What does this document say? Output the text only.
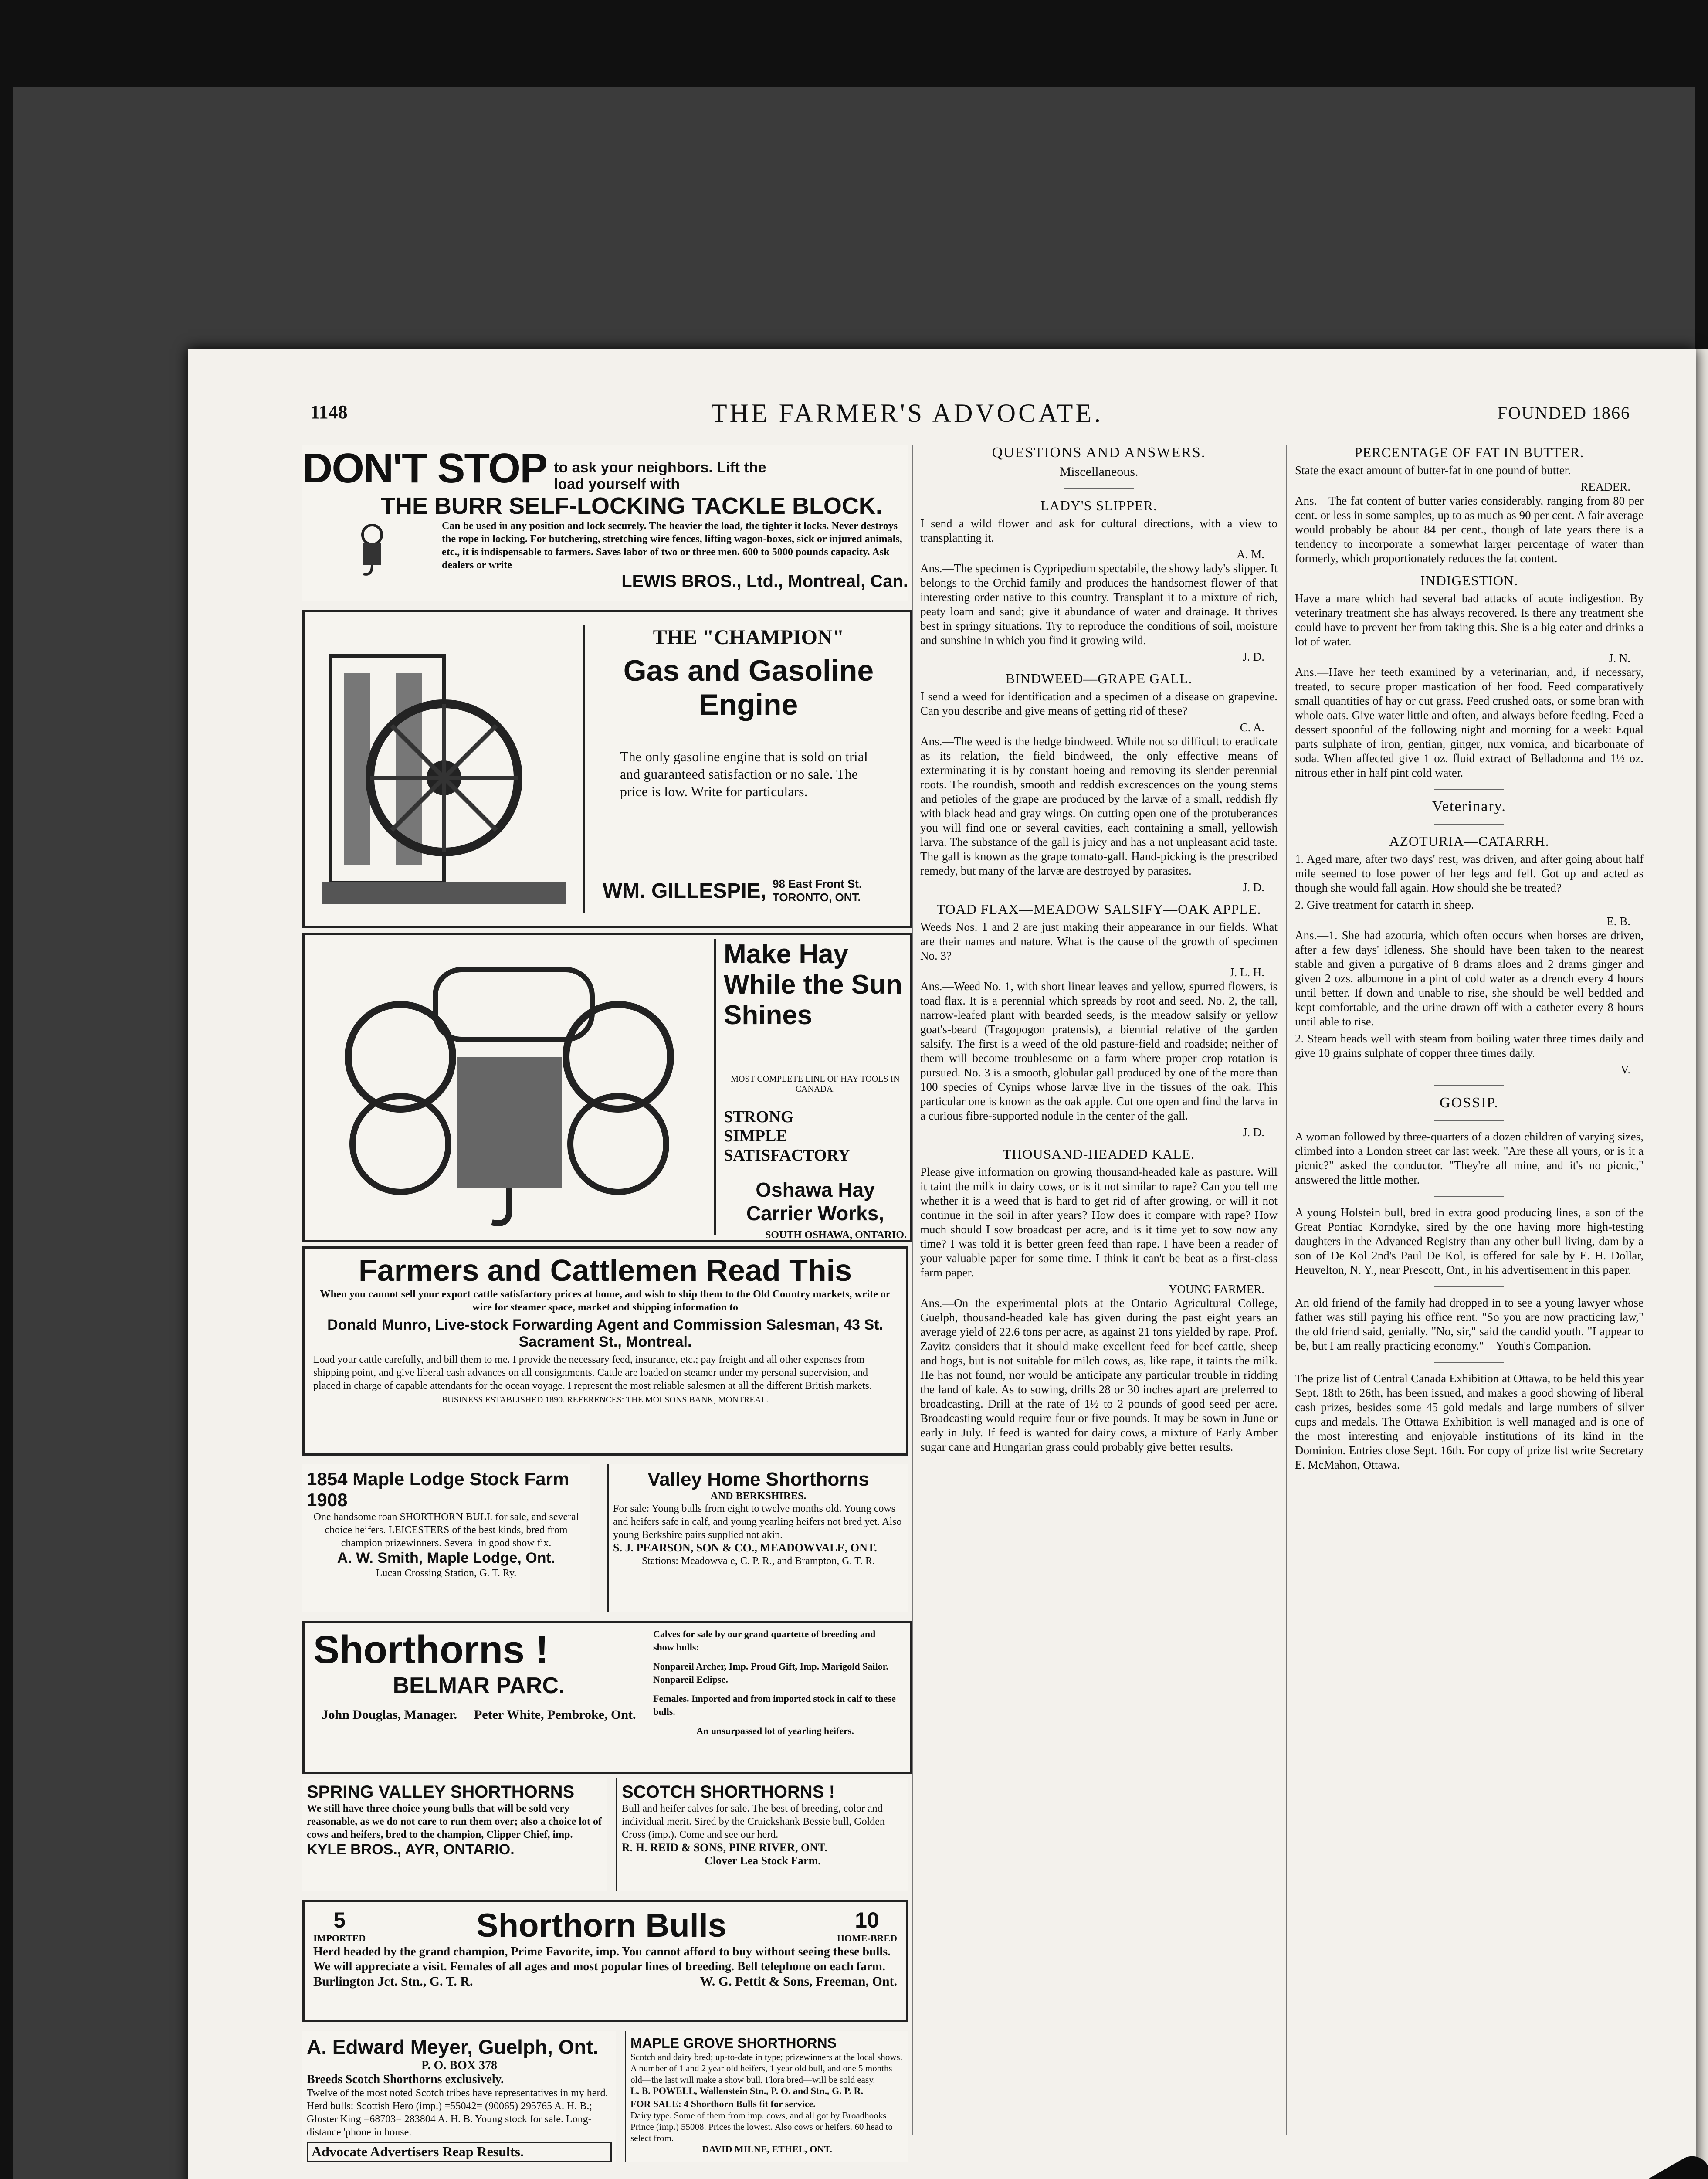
1148	THE FARMER'S ADVOCATE.	FOUNDED 1866
DON'T STOP to ask your neighbors. Lift the load yourself with
THE BURR SELF-LOCKING TACKLE BLOCK.
Can be used in any position and lock securely. The heavier the load, the tighter it locks. Never destroys the rope in locking. For butchering, stretching wire fences, lifting wagon-boxes, sick or injured animals, etc., it is indispensable to farmers. Saves labor of two or three men. 600 to 5000 pounds capacity. Ask dealers or write
LEWIS BROS., Ltd., Montreal, Can.
THE "CHAMPION"
Gas and Gasoline Engine
The only gasoline engine that is sold on trial and guaranteed satisfaction or no sale. The price is low. Write for particulars.
WM. GILLESPIE, 98 East Front St. TORONTO, ONT.
Make Hay While the Sun Shines
MOST COMPLETE LINE OF HAY TOOLS IN CANADA.
STRONG
SIMPLE
SATISFACTORY
Oshawa Hay Carrier Works,
SOUTH OSHAWA, ONTARIO.
Farmers and Cattlemen Read This
When you cannot sell your export cattle satisfactory prices at home, and wish to ship them to the Old Country markets, write or wire for steamer space, market and shipping information to
Donald Munro, Live-stock Forwarding Agent and Commission Salesman, 43 St. Sacrament St., Montreal.
Load your cattle carefully, and bill them to me. I provide the necessary feed, insurance, etc.; pay freight and all other expenses from shipping point, and give liberal cash advances on all consignments. Cattle are loaded on steamer under my personal supervision, and placed in charge of capable attendants for the ocean voyage. I represent the most reliable salesmen at all the different British markets.
BUSINESS ESTABLISHED 1890. REFERENCES: THE MOLSONS BANK, MONTREAL.
1854 Maple Lodge Stock Farm 1908
One handsome roan SHORTHORN BULL for sale, and several choice heifers. LEICESTERS of the best kinds, bred from champion prizewinners. Several in good show fix.
A. W. Smith, Maple Lodge, Ont.
Lucan Crossing Station, G. T. Ry.
Valley Home Shorthorns
AND BERKSHIRES.
For sale: Young bulls from eight to twelve months old. Young cows and heifers safe in calf, and young yearling heifers not bred yet. Also young Berkshire pairs supplied not akin.
S. J. PEARSON, SON & CO., MEADOWVALE, ONT.
Stations: Meadowvale, C. P. R., and Brampton, G. T. R.
Shorthorns !
BELMAR PARC.
John Douglas, Manager. Peter White, Pembroke, Ont.
Calves for sale by our grand quartette of breeding and show bulls:
Nonpareil Archer, Imp. Proud Gift, Imp. Marigold Sailor. Nonpareil Eclipse.
Females. Imported and from imported stock in calf to these bulls.
An unsurpassed lot of yearling heifers.
SPRING VALLEY SHORTHORNS
We still have three choice young bulls that will be sold very reasonable, as we do not care to run them over; also a choice lot of cows and heifers, bred to the champion, Clipper Chief, imp.
KYLE BROS., AYR, ONTARIO.
SCOTCH SHORTHORNS !
Bull and heifer calves for sale. The best of breeding, color and individual merit. Sired by the Cruickshank Bessie bull, Golden Cross (imp.). Come and see our herd.
R. H. REID & SONS, PINE RIVER, ONT.
Clover Lea Stock Farm.
5
IMPORTED	Shorthorn Bulls	10
HOME-BRED
Herd headed by the grand champion, Prime Favorite, imp. You cannot afford to buy without seeing these bulls. We will appreciate a visit. Females of all ages and most popular lines of breeding. Bell telephone on each farm.
Burlington Jct. Stn., G. T. R.	W. G. Pettit & Sons, Freeman, Ont.
A. Edward Meyer, Guelph, Ont.
P. O. BOX 378
Breeds Scotch Shorthorns exclusively.
Twelve of the most noted Scotch tribes have representatives in my herd. Herd bulls: Scottish Hero (imp.) =55042= (90065) 295765 A. H. B.; Gloster King =68703= 283804 A. H. B. Young stock for sale. Long-distance 'phone in house.
Advocate Advertisers Reap Results.
MAPLE GROVE SHORTHORNS
Scotch and dairy bred; up-to-date in type; prizewinners at the local shows. A number of 1 and 2 year old heifers, 1 year old bull, and one 5 months old—the last will make a show bull, Flora bred—will be sold easy.
L. B. POWELL, Wallenstein Stn., P. O. and Stn., G. P. R.
FOR SALE: 4 Shorthorn Bulls fit for service.
Dairy type. Some of them from imp. cows, and all got by Broadhooks Prince (imp.) 55008. Prices the lowest. Also cows or heifers. 60 head to select from.
DAVID MILNE, ETHEL, ONT.
QUESTIONS AND ANSWERS.
Miscellaneous.
LADY'S SLIPPER.

I send a wild flower and ask for cultural directions, with a view to transplanting it.

A. M.

Ans.—The specimen is Cypripedium spectabile, the showy lady's slipper. It belongs to the Orchid family and produces the handsomest flower of that interesting order native to this country. Transplant it to a mixture of rich, peaty loam and sand; give it abundance of water and drainage. It thrives best in springy situations. Try to reproduce the conditions of soil, moisture and sunshine in which you find it growing wild.

J. D.
BINDWEED—GRAPE GALL.

I send a weed for identification and a specimen of a disease on grapevine. Can you describe and give means of getting rid of these?

C. A.

Ans.—The weed is the hedge bindweed. While not so difficult to eradicate as its relation, the field bindweed, the only effective means of exterminating it is by constant hoeing and removing its slender perennial roots. The roundish, smooth and reddish excrescences on the young stems and petioles of the grape are produced by the larvæ of a small, reddish fly with black head and gray wings. On cutting open one of the protuberances you will find one or several cavities, each containing a small, yellowish larva. The substance of the gall is juicy and has a not unpleasant acid taste. The gall is known as the grape tomato-gall. Hand-picking is the prescribed remedy, but many of the larvæ are destroyed by parasites.

J. D.
TOAD FLAX—MEADOW SALSIFY—OAK APPLE.

Weeds Nos. 1 and 2 are just making their appearance in our fields. What are their names and nature. What is the cause of the growth of specimen No. 3?

J. L. H.

Ans.—Weed No. 1, with short linear leaves and yellow, spurred flowers, is toad flax. It is a perennial which spreads by root and seed. No. 2, the tall, narrow-leafed plant with bearded seeds, is the meadow salsify or yellow goat's-beard (Tragopogon pratensis), a biennial relative of the garden salsify. The first is a weed of the old pasture-field and roadside; neither of them will become troublesome on a farm where proper crop rotation is pursued. No. 3 is a smooth, globular gall produced by one of the more than 100 species of Cynips whose larvæ live in the tissues of the oak. This particular one is known as the oak apple. Cut one open and find the larva in a curious fibre-supported nodule in the center of the gall.

J. D.
THOUSAND-HEADED KALE.

Please give information on growing thousand-headed kale as pasture. Will it taint the milk in dairy cows, or is it not similar to rape? Can you tell me whether it is a weed that is hard to get rid of after growing, or will it not continue in the soil in after years? How does it compare with rape? How much should I sow broadcast per acre, and is it time yet to sow now any time? I was told it is better green feed than rape. I have been a reader of your valuable paper for some time. I think it can't be beat as a first-class farm paper.

YOUNG FARMER.

Ans.—On the experimental plots at the Ontario Agricultural College, Guelph, thousand-headed kale has given during the past eight years an average yield of 22.6 tons per acre, as against 21 tons yielded by rape. Prof. Zavitz considers that it should make excellent feed for beef cattle, sheep and hogs, but is not suitable for milch cows, as, like rape, it taints the milk. He has not found, nor would be anticipate any particular trouble in ridding the land of kale. As to sowing, drills 28 or 30 inches apart are preferred to broadcasting. Drill at the rate of 1½ to 2 pounds of good seed per acre. Broadcasting would require four or five pounds. It may be sown in June or early in July. If feed is wanted for dairy cows, a mixture of Early Amber sugar cane and Hungarian grass could probably give better results.

PERCENTAGE OF FAT IN BUTTER.

State the exact amount of butter-fat in one pound of butter.

READER.

Ans.—The fat content of butter varies considerably, ranging from 80 per cent. or less in some samples, up to as much as 90 per cent. A fair average would probably be about 84 per cent., though of late years there is a tendency to incorporate a somewhat larger percentage of water than formerly, which proportionately reduces the fat content.

INDIGESTION.

Have a mare which had several bad attacks of acute indigestion. By veterinary treatment she has always recovered. Is there any treatment she could have to prevent her from taking this. She is a big eater and drinks a lot of water.

J. N.

Ans.—Have her teeth examined by a veterinarian, and, if necessary, treated, to secure proper mastication of her food. Feed comparatively small quantities of hay or cut grass. Feed crushed oats, or some bran with whole oats. Give water little and often, and always before feeding. Feed a dessert spoonful of the following night and morning for a week: Equal parts sulphate of iron, gentian, ginger, nux vomica, and bicarbonate of soda. When affected give 1 oz. fluid extract of Belladonna and 1½ oz. nitrous ether in half pint cold water.

Veterinary.
AZOTURIA—CATARRH.

1. Aged mare, after two days' rest, was driven, and after going about half mile seemed to lose power of her legs and fell. Got up and acted as though she would fall again. How should she be treated?

2. Give treatment for catarrh in sheep.

E. B.

Ans.—1. She had azoturia, which often occurs when horses are driven, after a few days' idleness. She should have been taken to the nearest stable and given a purgative of 8 drams aloes and 2 drams ginger and given 2 ozs. albumone in a pint of cold water as a drench every 4 hours until better. If down and unable to rise, she should be well bedded and kept comfortable, and the urine drawn off with a catheter every 8 hours until able to rise.

2. Steam heads well with steam from boiling water three times daily and give 10 grains sulphate of copper three times daily.

V.
GOSSIP.

A woman followed by three-quarters of a dozen children of varying sizes, climbed into a London street car last week. "Are these all yours, or is it a picnic?" asked the conductor. "They're all mine, and it's no picnic," answered the little mother.

A young Holstein bull, bred in extra good producing lines, a son of the Great Pontiac Korndyke, sired by the one having more high-testing daughters in the Advanced Registry than any other bull living, dam by a son of De Kol 2nd's Paul De Kol, is offered for sale by E. H. Dollar, Heuvelton, N. Y., near Prescott, Ont., in his advertisement in this paper.

An old friend of the family had dropped in to see a young lawyer whose father was still paying his office rent. "So you are now practicing law," the old friend said, genially. "No, sir," said the candid youth. "I appear to be, but I am really practicing economy."—Youth's Companion.

The prize list of Central Canada Exhibition at Ottawa, to be held this year Sept. 18th to 26th, has been issued, and makes a good showing of liberal cash prizes, besides some 45 gold medals and large numbers of silver cups and medals. The Ottawa Exhibition is well managed and is one of the most interesting and enjoyable institutions of its kind in the Dominion. Entries close Sept. 16th. For copy of prize list write Secretary E. McMahon, Ottawa.
